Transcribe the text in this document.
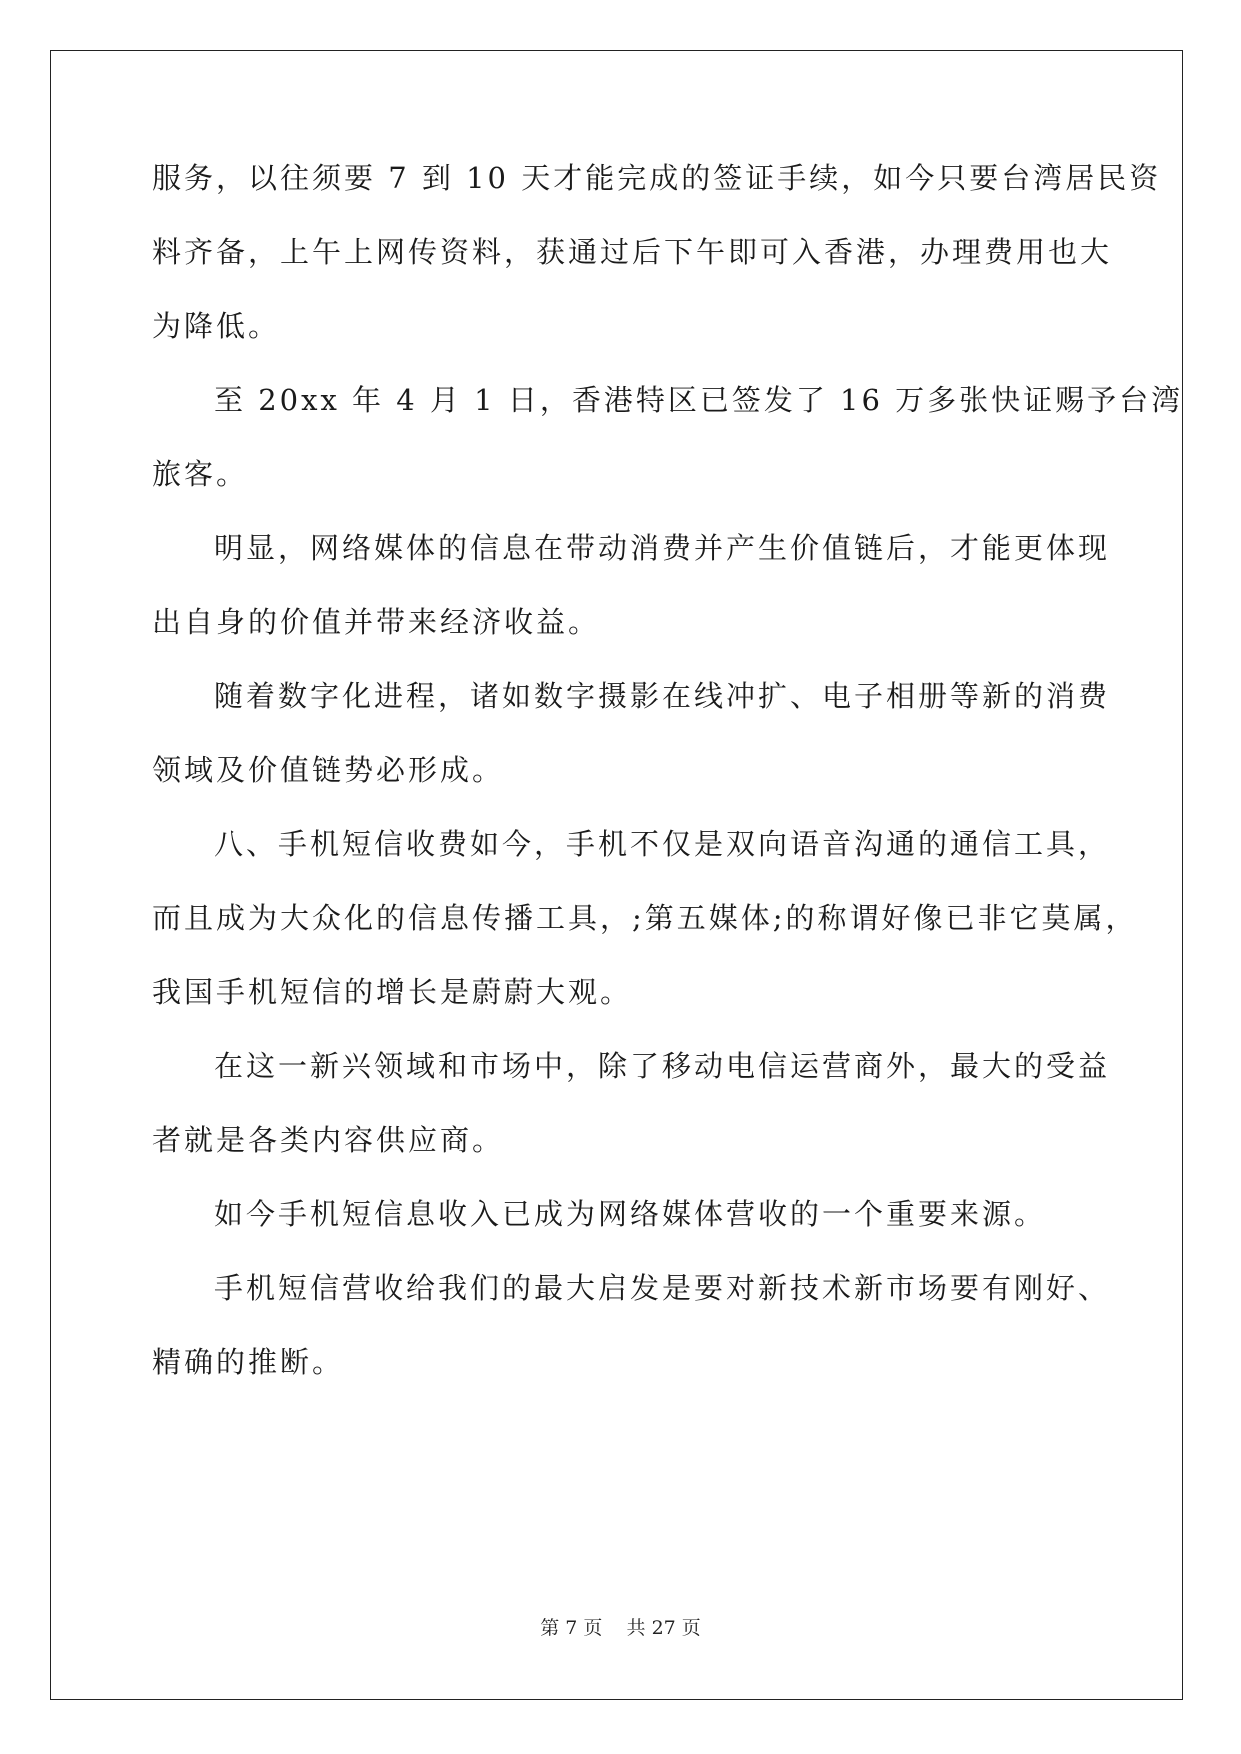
服务，以往须要 7 到 10 天才能完成的签证手续，如今只要台湾居民资
料齐备，上午上网传资料，获通过后下午即可入香港，办理费用也大
为降低。
至 20xx 年 4 月 1 日，香港特区已签发了 16 万多张快证赐予台湾
旅客。
明显，网络媒体的信息在带动消费并产生价值链后，才能更体现
出自身的价值并带来经济收益。
随着数字化进程，诸如数字摄影在线冲扩、电子相册等新的消费
领域及价值链势必形成。
八、手机短信收费如今，手机不仅是双向语音沟通的通信工具，
而且成为大众化的信息传播工具，;第五媒体;的称谓好像已非它莫属，
我国手机短信的增长是蔚蔚大观。
在这一新兴领域和市场中，除了移动电信运营商外，最大的受益
者就是各类内容供应商。
如今手机短信息收入已成为网络媒体营收的一个重要来源。
手机短信营收给我们的最大启发是要对新技术新市场要有刚好、
精确的推断。
第 7 页 共 27 页
